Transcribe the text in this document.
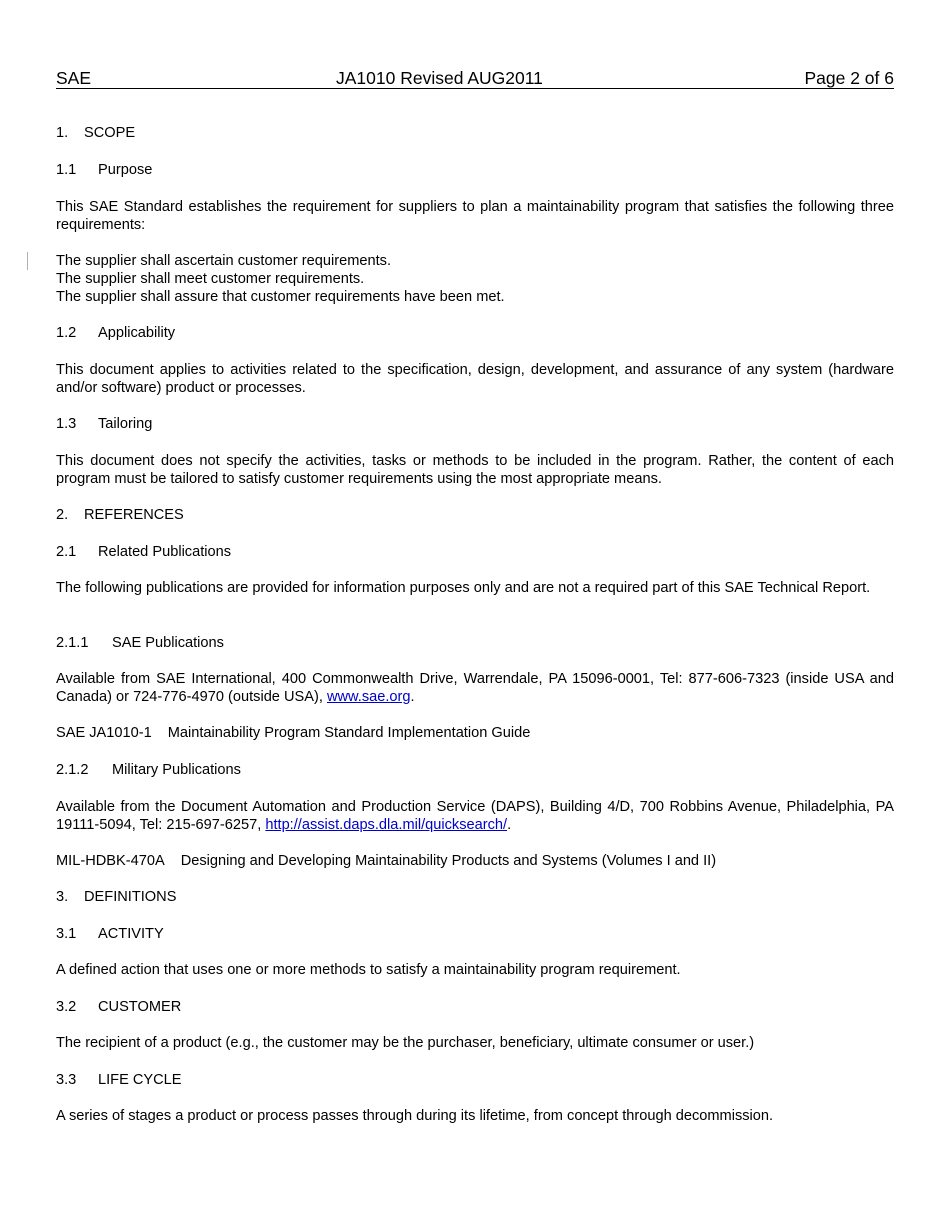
SAE	JA1010 Revised AUG2011	Page 2 of 6
1. SCOPE
1.1 Purpose
This SAE Standard establishes the requirement for suppliers to plan a maintainability program that satisfies the following three requirements:
The supplier shall ascertain customer requirements.
The supplier shall meet customer requirements.
The supplier shall assure that customer requirements have been met.
1.2 Applicability
This document applies to activities related to the specification, design, development, and assurance of any system (hardware and/or software) product or processes.
1.3 Tailoring
This document does not specify the activities, tasks or methods to be included in the program. Rather, the content of each program must be tailored to satisfy customer requirements using the most appropriate means.
2. REFERENCES
2.1 Related Publications
The following publications are provided for information purposes only and are not a required part of this SAE Technical Report.
2.1.1 SAE Publications
Available from SAE International, 400 Commonwealth Drive, Warrendale, PA 15096-0001, Tel: 877-606-7323 (inside USA and Canada) or 724-776-4970 (outside USA), www.sae.org.
SAE JA1010-1 Maintainability Program Standard Implementation Guide
2.1.2 Military Publications
Available from the Document Automation and Production Service (DAPS), Building 4/D, 700 Robbins Avenue, Philadelphia, PA 19111-5094, Tel: 215-697-6257, http://assist.daps.dla.mil/quicksearch/.
MIL-HDBK-470A Designing and Developing Maintainability Products and Systems (Volumes I and II)
3. DEFINITIONS
3.1 ACTIVITY
A defined action that uses one or more methods to satisfy a maintainability program requirement.
3.2 CUSTOMER
The recipient of a product (e.g., the customer may be the purchaser, beneficiary, ultimate consumer or user.)
3.3 LIFE CYCLE
A series of stages a product or process passes through during its lifetime, from concept through decommission.
